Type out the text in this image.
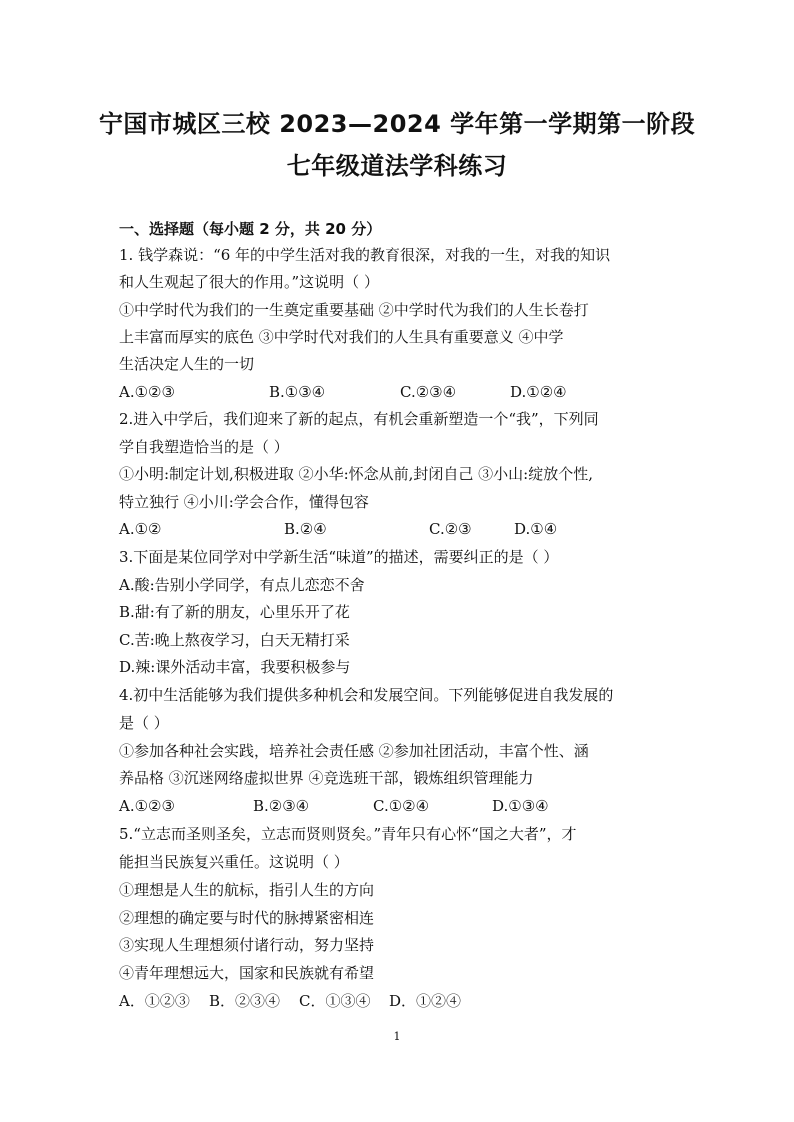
宁国市城区三校 2023—2024 学年第一学期第一阶段
七年级道法学科练习
一、选择题（每小题 2 分，共 20 分）
1. 钱学森说：“6 年的中学生活对我的教育很深，对我的一生，对我的知识
和人生观起了很大的作用。”这说明（ ）
①中学时代为我们的一生奠定重要基础 ②中学时代为我们的人生长卷打
上丰富而厚实的底色 ③中学时代对我们的人生具有重要意义 ④中学
生活决定人生的一切
A.①②③	B.①③④	C.②③④	D.①②④
2.进入中学后，我们迎来了新的起点，有机会重新塑造一个“我”，下列同
学自我塑造恰当的是（ ）
①小明:制定计划,积极进取 ②小华:怀念从前,封闭自己 ③小山:绽放个性,
特立独行 ④小川:学会合作，懂得包容
A.①②	B.②④	C.②③	D.①④
3.下面是某位同学对中学新生活“味道”的描述，需要纠正的是（ ）
A.酸:告别小学同学，有点儿恋恋不舍
B.甜:有了新的朋友，心里乐开了花
C.苦:晚上熬夜学习，白天无精打采
D.辣:课外活动丰富，我要积极参与
4.初中生活能够为我们提供多种机会和发展空间。下列能够促进自我发展的
是（ ）
①参加各种社会实践，培养社会责任感 ②参加社团活动，丰富个性、涵
养品格 ③沉迷网络虚拟世界 ④竞选班干部，锻炼组织管理能力
A.①②③	B.②③④	C.①②④	D.①③④
5.“立志而圣则圣矣，立志而贤则贤矣。”青年只有心怀“国之大者”，才
能担当民族复兴重任。这说明（ ）
①理想是人生的航标，指引人生的方向
②理想的确定要与时代的脉搏紧密相连
③实现人生理想须付诸行动，努力坚持
④青年理想远大，国家和民族就有希望
A．①②③ B．②③④ C．①③④ D．①②④
1
